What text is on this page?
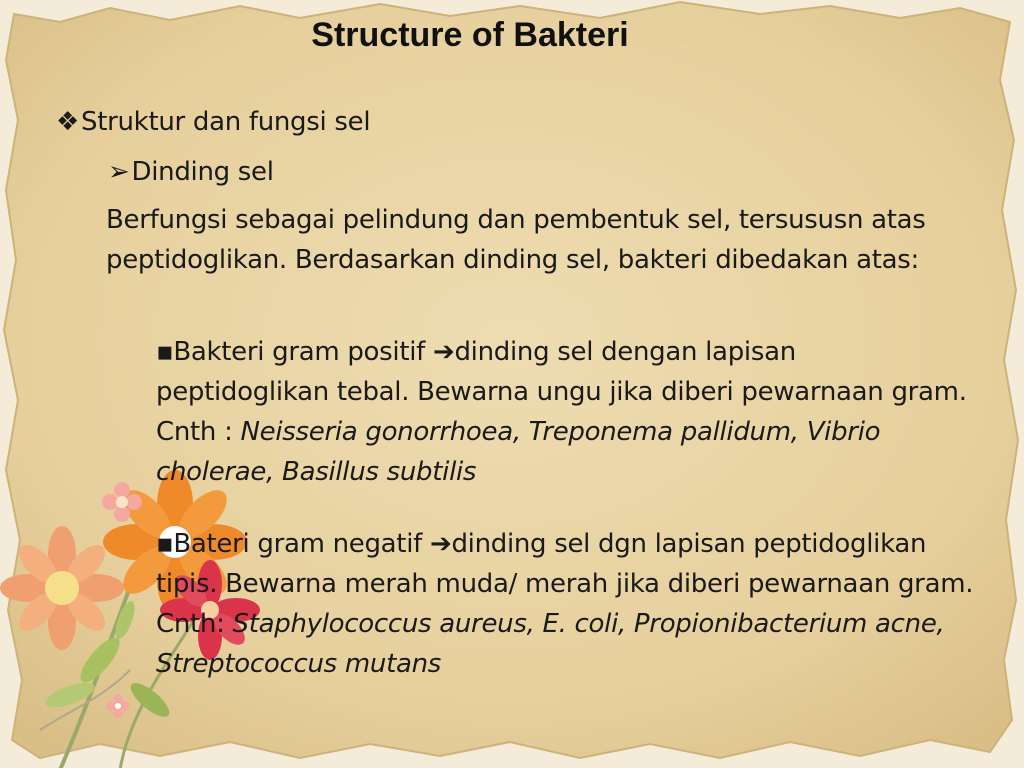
Structure of Bakteri
❖Struktur dan fungsi sel
➢Dinding sel
Berfungsi sebagai pelindung dan pembentuk sel, tersususn atas peptidoglikan. Berdasarkan dinding sel, bakteri dibedakan atas:
▪Bakteri gram positif ➔dinding sel dengan lapisan peptidoglikan tebal. Bewarna ungu jika diberi pewarnaan gram. Cnth : Neisseria gonorrhoea, Treponema pallidum, Vibrio cholerae, Basillus subtilis
▪Bateri gram negatif ➔dinding sel dgn lapisan peptidoglikan tipis. Bewarna merah muda/ merah jika diberi pewarnaan gram. Cnth: Staphylococcus aureus, E. coli, Propionibacterium acne, Streptococcus mutans
